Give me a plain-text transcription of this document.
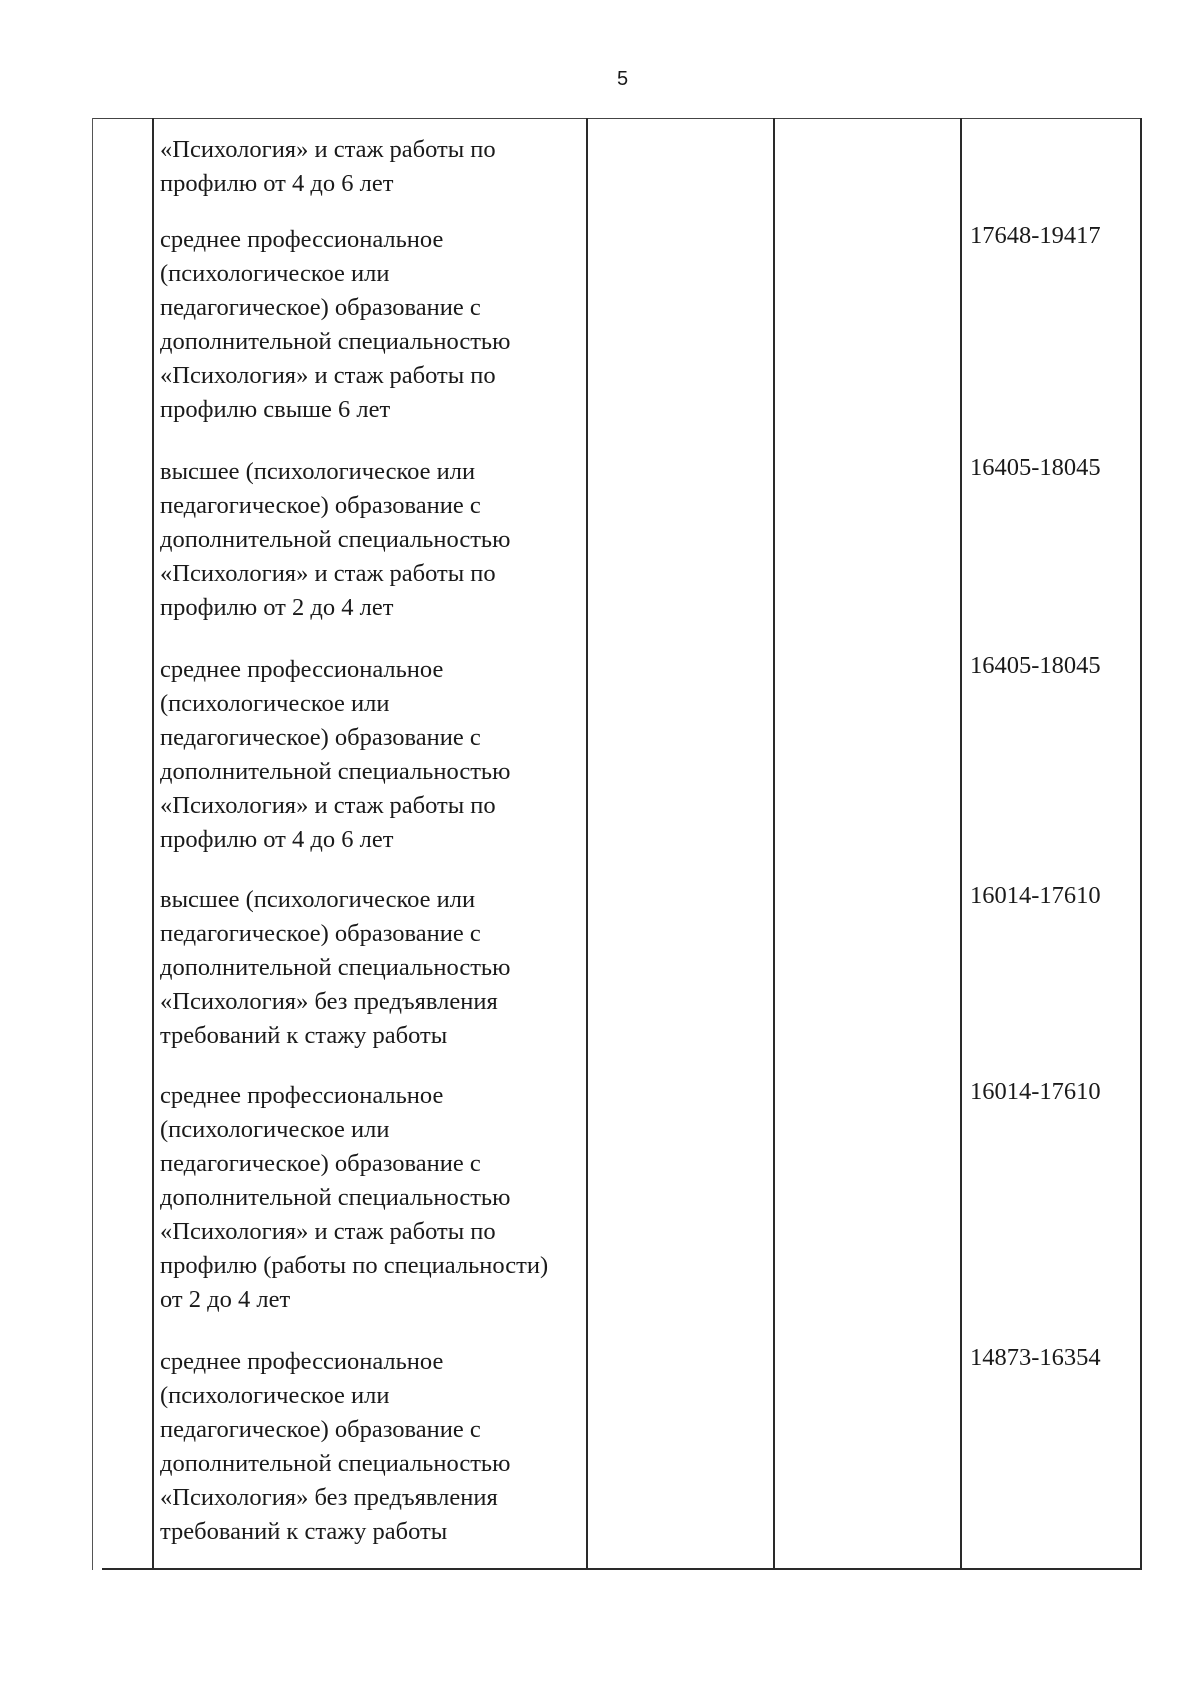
5
«Психология» и стаж работы по
профилю от 4 до 6 лет
среднее профессиональное
(психологическое или
педагогическое) образование с
дополнительной специальностью
«Психология» и стаж работы по
профилю свыше 6 лет
17648-19417
высшее (психологическое или
педагогическое) образование с
дополнительной специальностью
«Психология» и стаж работы по
профилю от 2 до 4 лет
16405-18045
среднее профессиональное
(психологическое или
педагогическое) образование с
дополнительной специальностью
«Психология» и стаж работы по
профилю от 4 до 6 лет
16405-18045
высшее (психологическое или
педагогическое) образование с
дополнительной специальностью
«Психология» без предъявления
требований к стажу работы
16014-17610
среднее профессиональное
(психологическое или
педагогическое) образование с
дополнительной специальностью
«Психология» и стаж работы по
профилю (работы по специальности)
от 2 до 4 лет
16014-17610
среднее профессиональное
(психологическое или
педагогическое) образование с
дополнительной специальностью
«Психология» без предъявления
требований к стажу работы
14873-16354
